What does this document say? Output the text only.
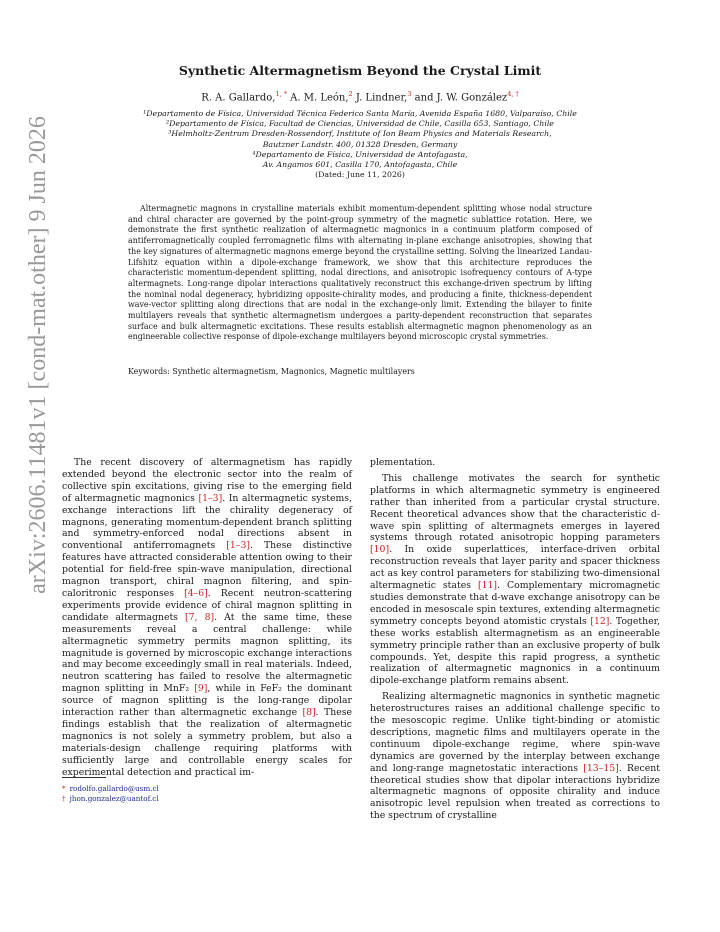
arXiv:2606.11481v1 [cond-mat.other] 9 Jun 2026
Synthetic Altermagnetism Beyond the Crystal Limit
R. A. Gallardo,$^{1, *}$ A. M. León,$^2$ J. Lindner,$^3$ and J. W. González$^{4, \dagger}$
¹Departamento de Física, Universidad Técnica Federico Santa María, Avenida España 1680, Valparaíso, Chile
²Departamento de Física, Facultad de Ciencias, Universidad de Chile, Casilla 653, Santiago, Chile
³Helmholtz-Zentrum Dresden-Rossendorf, Institute of Ion Beam Physics and Materials Research,
Bautzner Landstr. 400, 01328 Dresden, Germany
⁴Departamento de Física, Universidad de Antofagasta,
Av. Angamos 601, Casilla 170, Antofagasta, Chile
(Dated: June 11, 2026)
Altermagnetic magnons in crystalline materials exhibit momentum-dependent splitting whose nodal structure and chiral character are governed by the point-group symmetry of the magnetic sublattice rotation. Here, we demonstrate the first synthetic realization of altermagnetic magnonics in a continuum platform composed of antiferromagnetically coupled ferromagnetic films with alternating in-plane exchange anisotropies, showing that the key signatures of altermagnetic magnons emerge beyond the crystalline setting. Solving the linearized Landau-Lifshitz equation within a dipole-exchange framework, we show that this architecture reproduces the characteristic momentum-dependent splitting, nodal directions, and anisotropic isofrequency contours of A-type altermagnets. Long-range dipolar interactions qualitatively reconstruct this exchange-driven spectrum by lifting the nominal nodal degeneracy, hybridizing opposite-chirality modes, and producing a finite, thickness-dependent wave-vector splitting along directions that are nodal in the exchange-only limit. Extending the bilayer to finite multilayers reveals that synthetic altermagnetism undergoes a parity-dependent reconstruction that separates surface and bulk altermagnetic excitations. These results establish altermagnetic magnon phenomenology as an engineerable collective response of dipole-exchange multilayers beyond microscopic crystal symmetries.
Keywords: Synthetic altermagnetism, Magnonics, Magnetic multilayers

The recent discovery of altermagnetism has rapidly extended beyond the electronic sector into the realm of collective spin excitations, giving rise to the emerging field of altermagnetic magnonics [1–3]. In altermagnetic systems, exchange interactions lift the chirality degeneracy of magnons, generating momentum-dependent branch splitting and symmetry-enforced nodal directions absent in conventional antiferromagnets [1–3]. These distinctive features have attracted considerable attention owing to their potential for field-free spin-wave manipulation, directional magnon transport, chiral magnon filtering, and spin-caloritronic responses [4–6]. Recent neutron-scattering experiments provide evidence of chiral magnon splitting in candidate altermagnets [7, 8]. At the same time, these measurements reveal a central challenge: while altermagnetic symmetry permits magnon splitting, its magnitude is governed by microscopic exchange interactions and may become exceedingly small in real materials. Indeed, neutron scattering has failed to resolve the altermagnetic magnon splitting in MnF₂ [9], while in FeF₂ the dominant source of magnon splitting is the long-range dipolar interaction rather than altermagnetic exchange [8]. These findings establish that the realization of altermagnetic magnonics is not solely a symmetry problem, but also a materials-design challenge requiring platforms with sufficiently large and controllable energy scales for experimental detection and practical im-

plementation.

This challenge motivates the search for synthetic platforms in which altermagnetic symmetry is engineered rather than inherited from a particular crystal structure. Recent theoretical advances show that the characteristic d-wave spin splitting of altermagnets emerges in layered systems through rotated anisotropic hopping parameters [10]. In oxide superlattices, interface-driven orbital reconstruction reveals that layer parity and spacer thickness act as key control parameters for stabilizing two-dimensional altermagnetic states [11]. Complementary micromagnetic studies demonstrate that d-wave exchange anisotropy can be encoded in mesoscale spin textures, extending altermagnetic symmetry concepts beyond atomistic crystals [12]. Together, these works establish altermagnetism as an engineerable symmetry principle rather than an exclusive property of bulk compounds. Yet, despite this rapid progress, a synthetic realization of altermagnetic magnonics in a continuum dipole-exchange platform remains absent.

Realizing altermagnetic magnonics in synthetic magnetic heterostructures raises an additional challenge specific to the mesoscopic regime. Unlike tight-binding or atomistic descriptions, magnetic films and multilayers operate in the continuum dipole-exchange regime, where spin-wave dynamics are governed by the interplay between exchange and long-range magnetostatic interactions [13–15]. Recent theoretical studies show that dipolar interactions hybridize altermagnetic magnons of opposite chirality and induce anisotropic level repulsion when treated as corrections to the spectrum of crystalline

* rodolfo.gallardo@usm.cl
† jhon.gonzalez@uantof.cl
